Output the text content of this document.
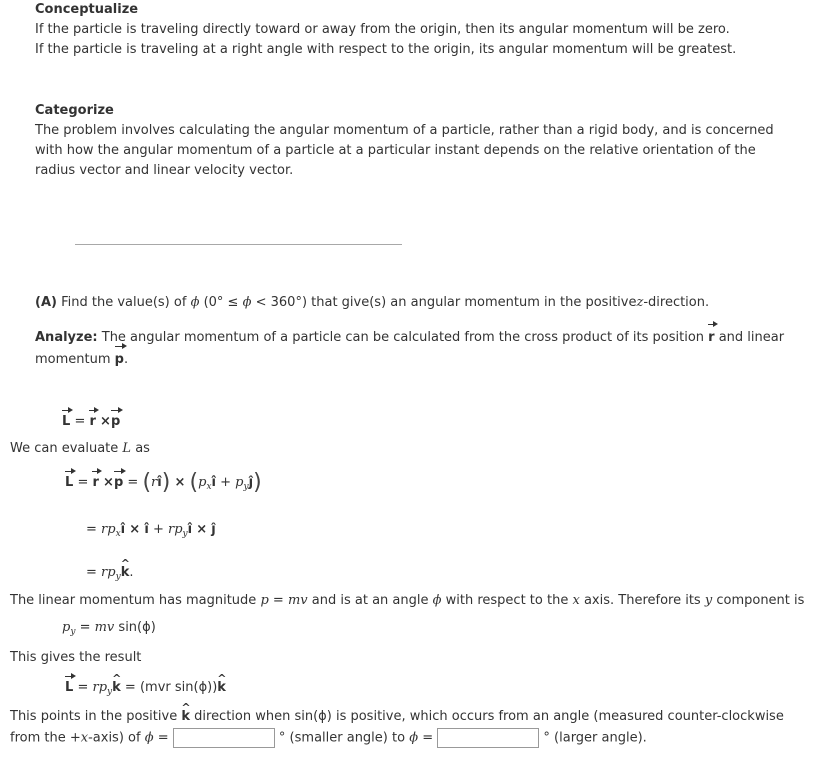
Conceptualize
If the particle is traveling directly toward or away from the origin, then its angular momentum will be zero.
If the particle is traveling at a right angle with respect to the origin, its angular momentum will be greatest.
Categorize
The problem involves calculating the angular momentum of a particle, rather than a rigid body, and is concerned with how the angular momentum of a particle at a particular instant depends on the relative orientation of the radius vector and linear velocity vector.
(A) Find the value(s) of ϕ (0° ≤ ϕ < 360°) that give(s) an angular momentum in the positivez-direction.
Analyze: The angular momentum of a particle can be calculated from the cross product of its position r and linear momentum p.
L = r ×p
We can evaluate L as
L = r ×p = (rî) × ($p_xî$ + $p_yĵ$)
= $rp_xî$ × î + $rp_yî$ × ĵ
= $rp_y\^{}$ k.
The linear momentum has magnitude p = mv and is at an angle ϕ with respect to the x axis. Therefore its y component is
$p_y$ = mv sin(ϕ)
This gives the result
$L = rp_y\^{}$ k = (mvr sin(ϕ))^ k
This points in the positive ^ k direction when sin(ϕ) is positive, which occurs from an angle (measured counter-clockwise
from the +x-axis) of ϕ =	° (smaller angle) to ϕ =	° (larger angle).
